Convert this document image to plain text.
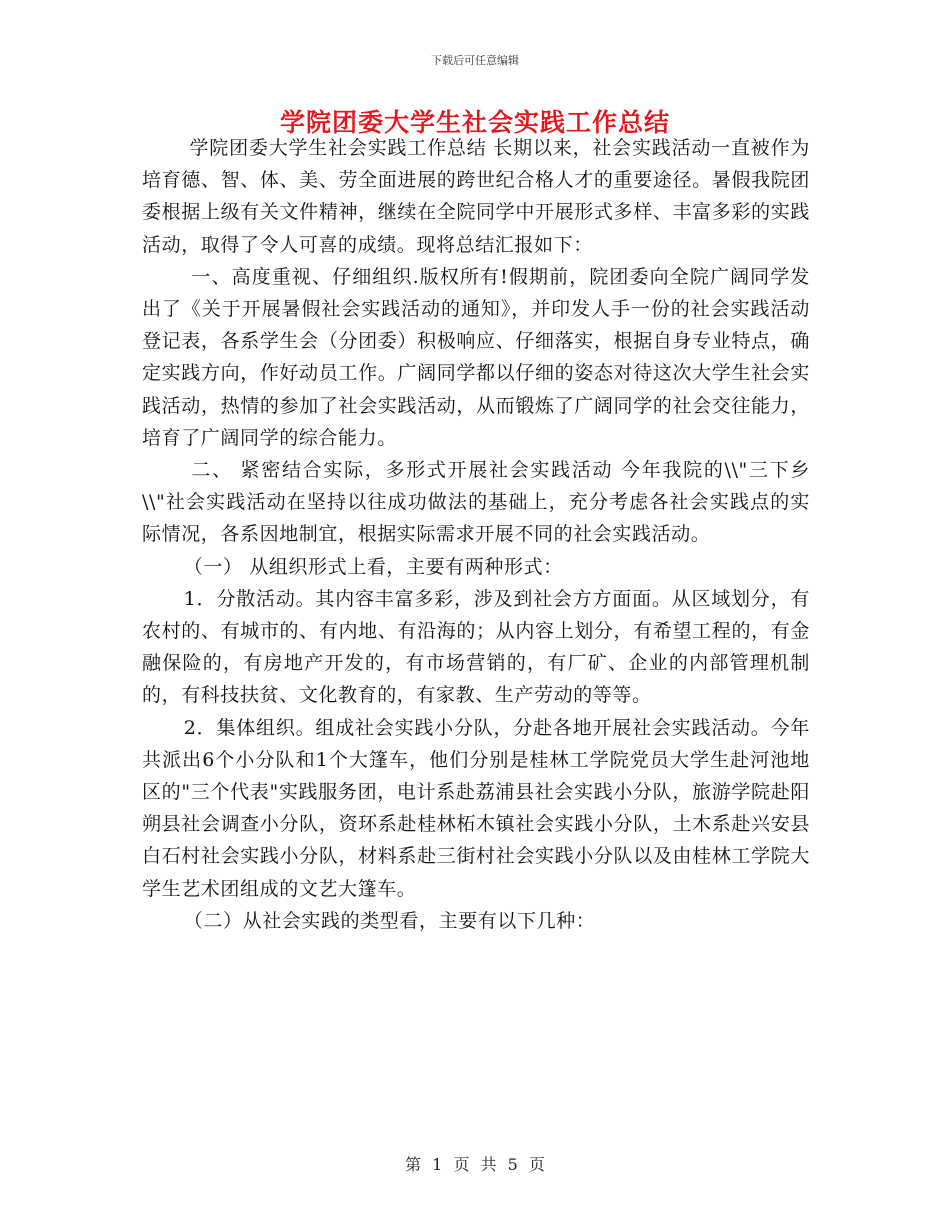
下载后可任意编辑
学院团委大学生社会实践工作总结

学院团委大学生社会实践工作总结 长期以来，社会实践活动一直被作为培育德、智、体、美、劳全面进展的跨世纪合格人才的重要途径。暑假我院团委根据上级有关文件精神，继续在全院同学中开展形式多样、丰富多彩的实践活动，取得了令人可喜的成绩。现将总结汇报如下：

一、高度重视、仔细组织.版权所有!假期前，院团委向全院广阔同学发出了《关于开展暑假社会实践活动的通知》，并印发人手一份的社会实践活动登记表，各系学生会（分团委）积极响应、仔细落实，根据自身专业特点，确定实践方向，作好动员工作。广阔同学都以仔细的姿态对待这次大学生社会实践活动，热情的参加了社会实践活动，从而锻炼了广阔同学的社会交往能力，培育了广阔同学的综合能力。

二、 紧密结合实际，多形式开展社会实践活动 今年我院的\\"三下乡\\"社会实践活动在坚持以往成功做法的基础上，充分考虑各社会实践点的实际情况，各系因地制宜，根据实际需求开展不同的社会实践活动。

（一） 从组织形式上看，主要有两种形式：

1．分散活动。其内容丰富多彩，涉及到社会方方面面。从区域划分，有农村的、有城市的、有内地、有沿海的；从内容上划分，有希望工程的，有金融保险的，有房地产开发的，有市场营销的，有厂矿、企业的内部管理机制的，有科技扶贫、文化教育的，有家教、生产劳动的等等。

2．集体组织。组成社会实践小分队，分赴各地开展社会实践活动。今年共派出6个小分队和1个大篷车，他们分别是桂林工学院党员大学生赴河池地区的"三个代表"实践服务团，电计系赴荔浦县社会实践小分队，旅游学院赴阳朔县社会调查小分队，资环系赴桂林柘木镇社会实践小分队，土木系赴兴安县白石村社会实践小分队，材料系赴三街村社会实践小分队以及由桂林工学院大学生艺术团组成的文艺大篷车。

（二）从社会实践的类型看，主要有以下几种：

第 1 页 共 5 页
